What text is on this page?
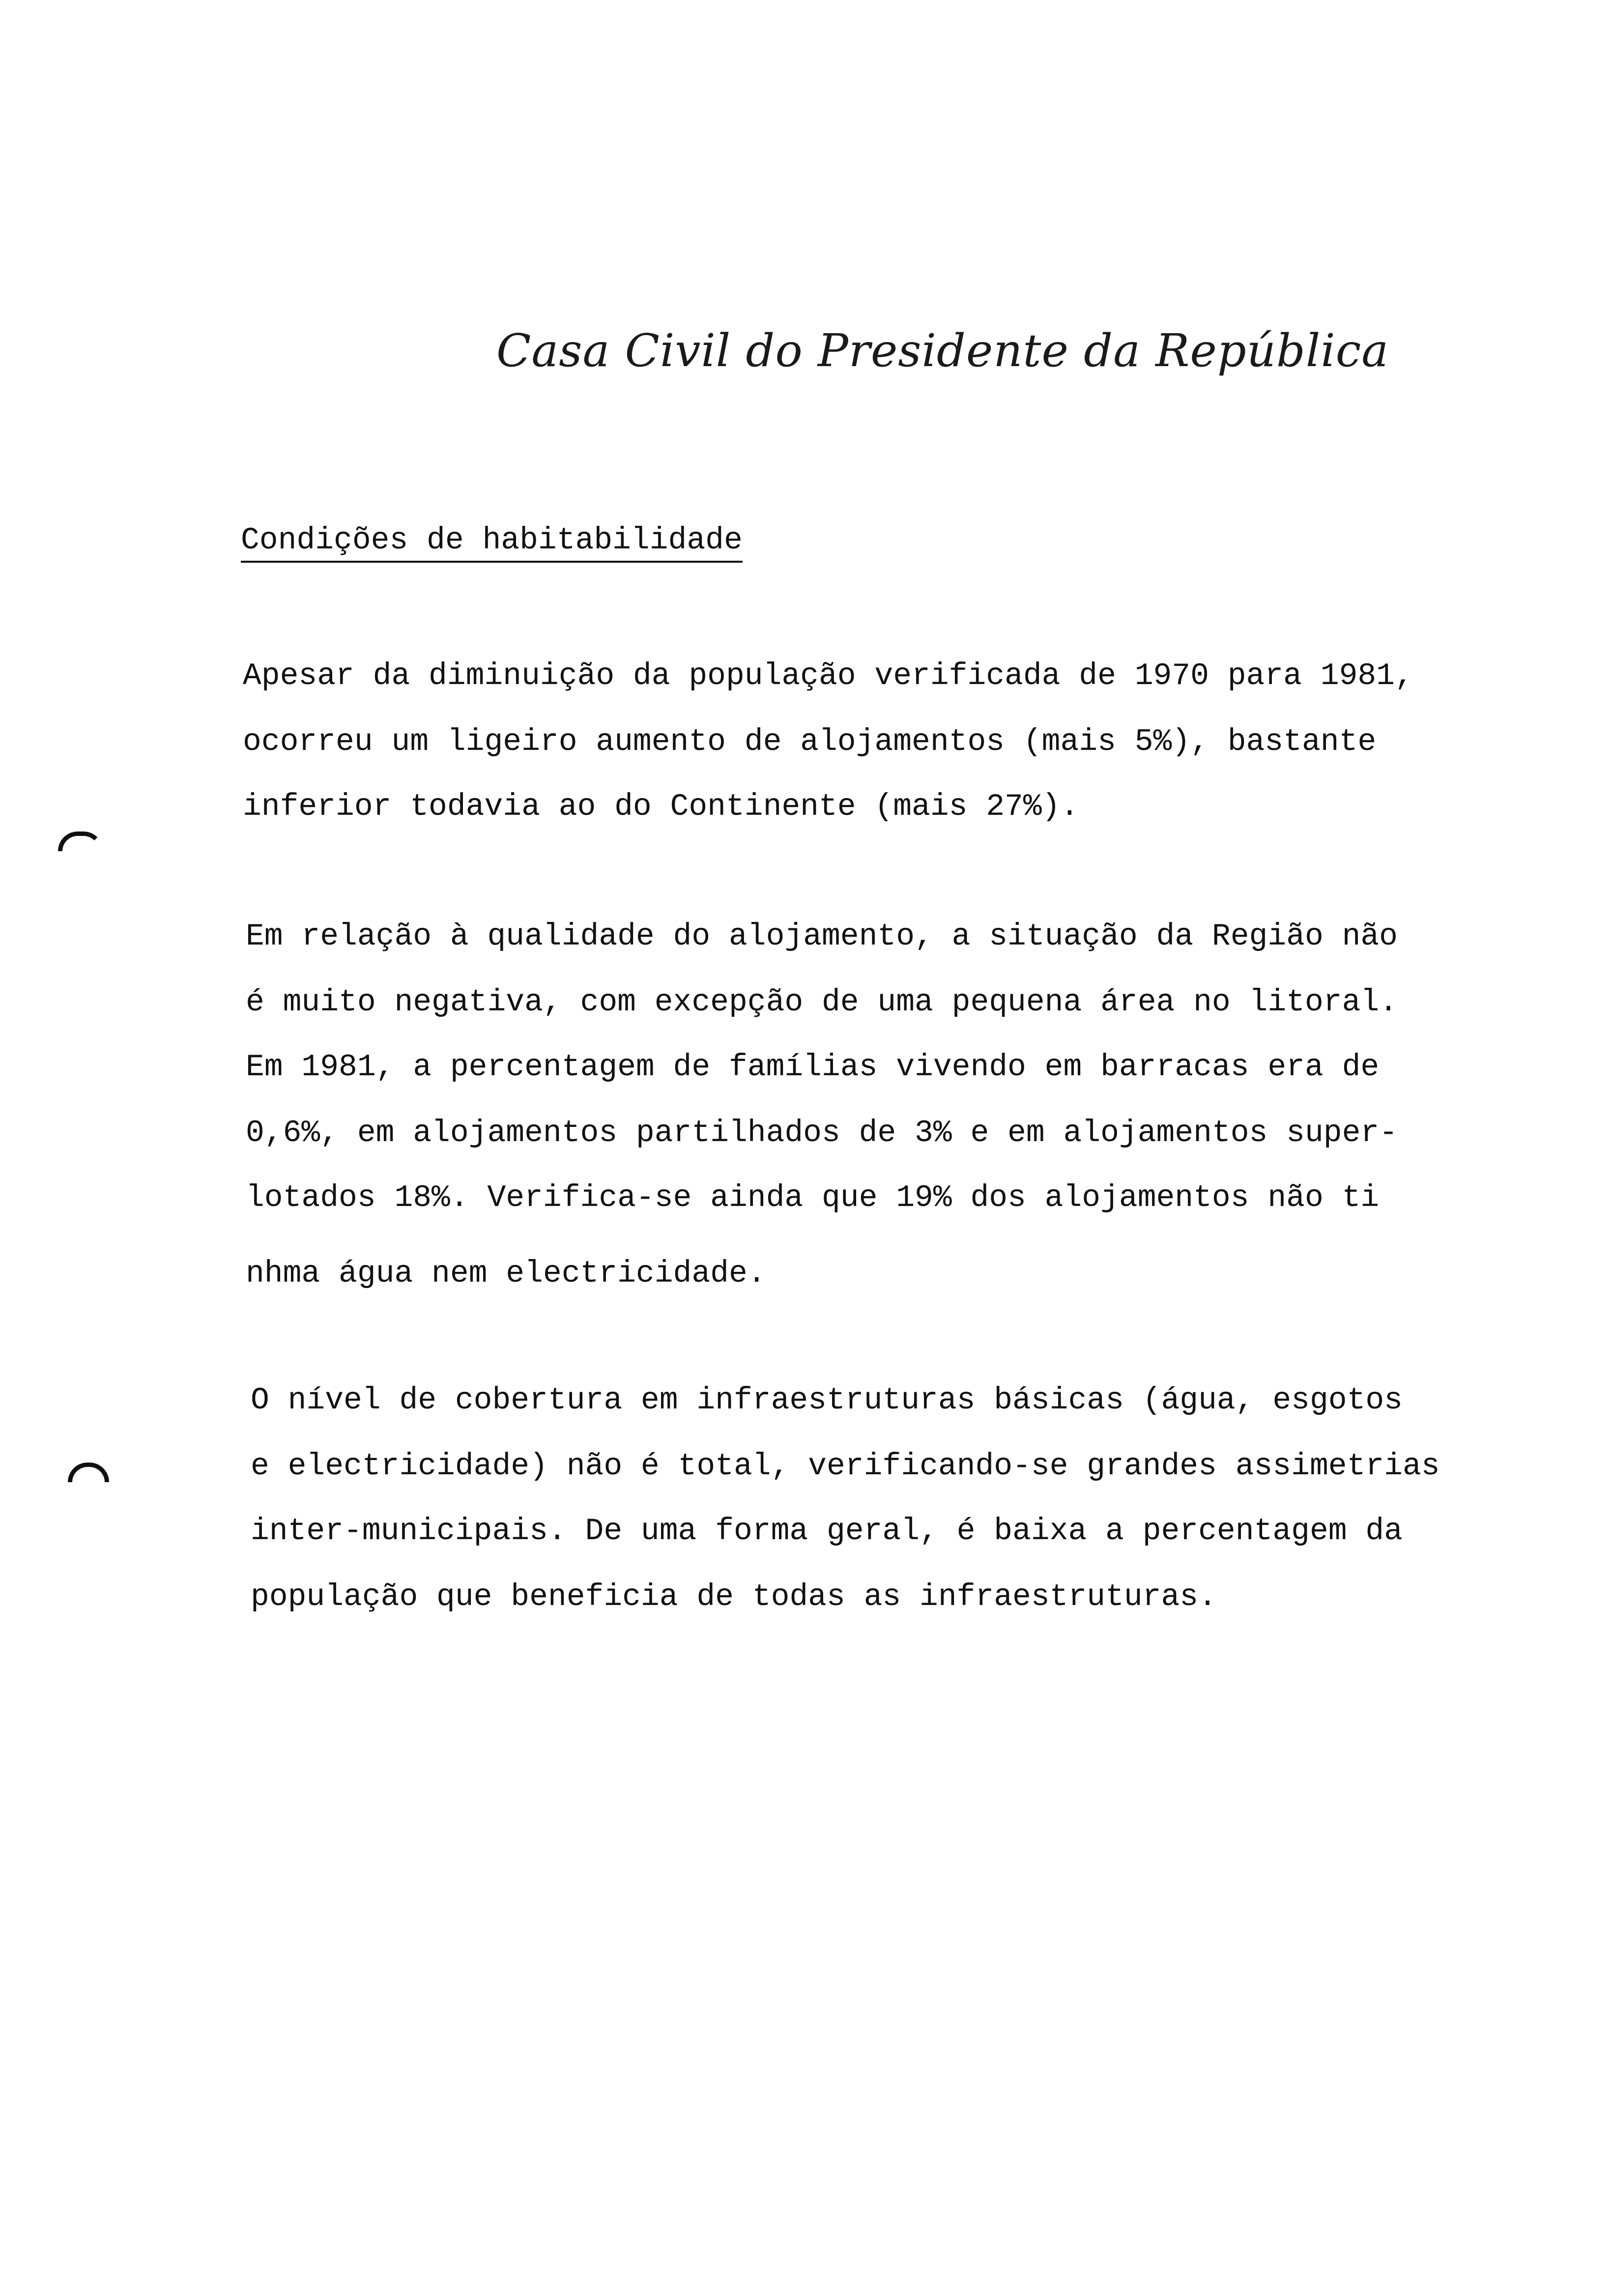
Casa Civil do Presidente da República
Condições de habitabilidade
Apesar da diminuição da população verificada de 1970 para 1981,
ocorreu um ligeiro aumento de alojamentos (mais 5%), bastante
inferior todavia ao do Continente (mais 27%).
Em relação à qualidade do alojamento, a situação da Região não
é muito negativa, com excepção de uma pequena área no litoral.
Em 1981, a percentagem de famílias vivendo em barracas era de
0,6%, em alojamentos partilhados de 3% e em alojamentos super-
lotados 18%. Verifica-se ainda que 19% dos alojamentos não ti
nhma água nem electricidade.
O nível de cobertura em infraestruturas básicas (água, esgotos
e electricidade) não é total, verificando-se grandes assimetrias
inter-municipais. De uma forma geral, é baixa a percentagem da
população que beneficia de todas as infraestruturas.
